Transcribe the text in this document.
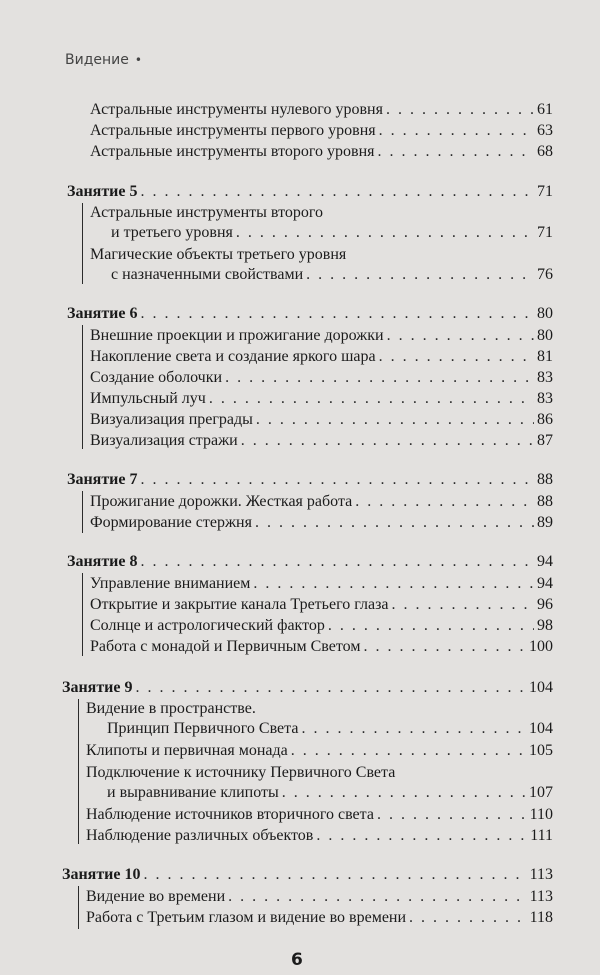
Видение •
Астральные инструменты нулевого уровня . . .	61
Астральные инструменты первого уровня . . .	63
Астральные инструменты второго уровня . . .	68
Занятие 5 . . .	71
Астральные инструменты второго
и третьего уровня . . .	71
Магические объекты третьего уровня
с назначенными свойствами . . .	76
Занятие 6 . . .	80
Внешние проекции и прожигание дорожки . . .	80
Накопление света и создание яркого шара . . .	81
Создание оболочки . . .	83
Импульсный луч . . .	83
Визуализация преграды . . .	86
Визуализация стражи . . .	87
Занятие 7 . . .	88
Прожигание дорожки. Жесткая работа . . .	88
Формирование стержня . . .	89
Занятие 8 . . .	94
Управление вниманием . . .	94
Открытие и закрытие канала Третьего глаза . . .	96
Солнце и астрологический фактор . . .	98
Работа с монадой и Первичным Светом . . .	100
Занятие 9 . . .	104
Видение в пространстве.
Принцип Первичного Света . . .	104
Клипоты и первичная монада . . .	105
Подключение к источнику Первичного Света
и выравнивание клипоты . . .	107
Наблюдение источников вторичного света . . .	110
Наблюдение различных объектов . . .	111
Занятие 10 . . .	113
Видение во времени . . .	113
Работа с Третьим глазом и видение во времени . . .	118
6
